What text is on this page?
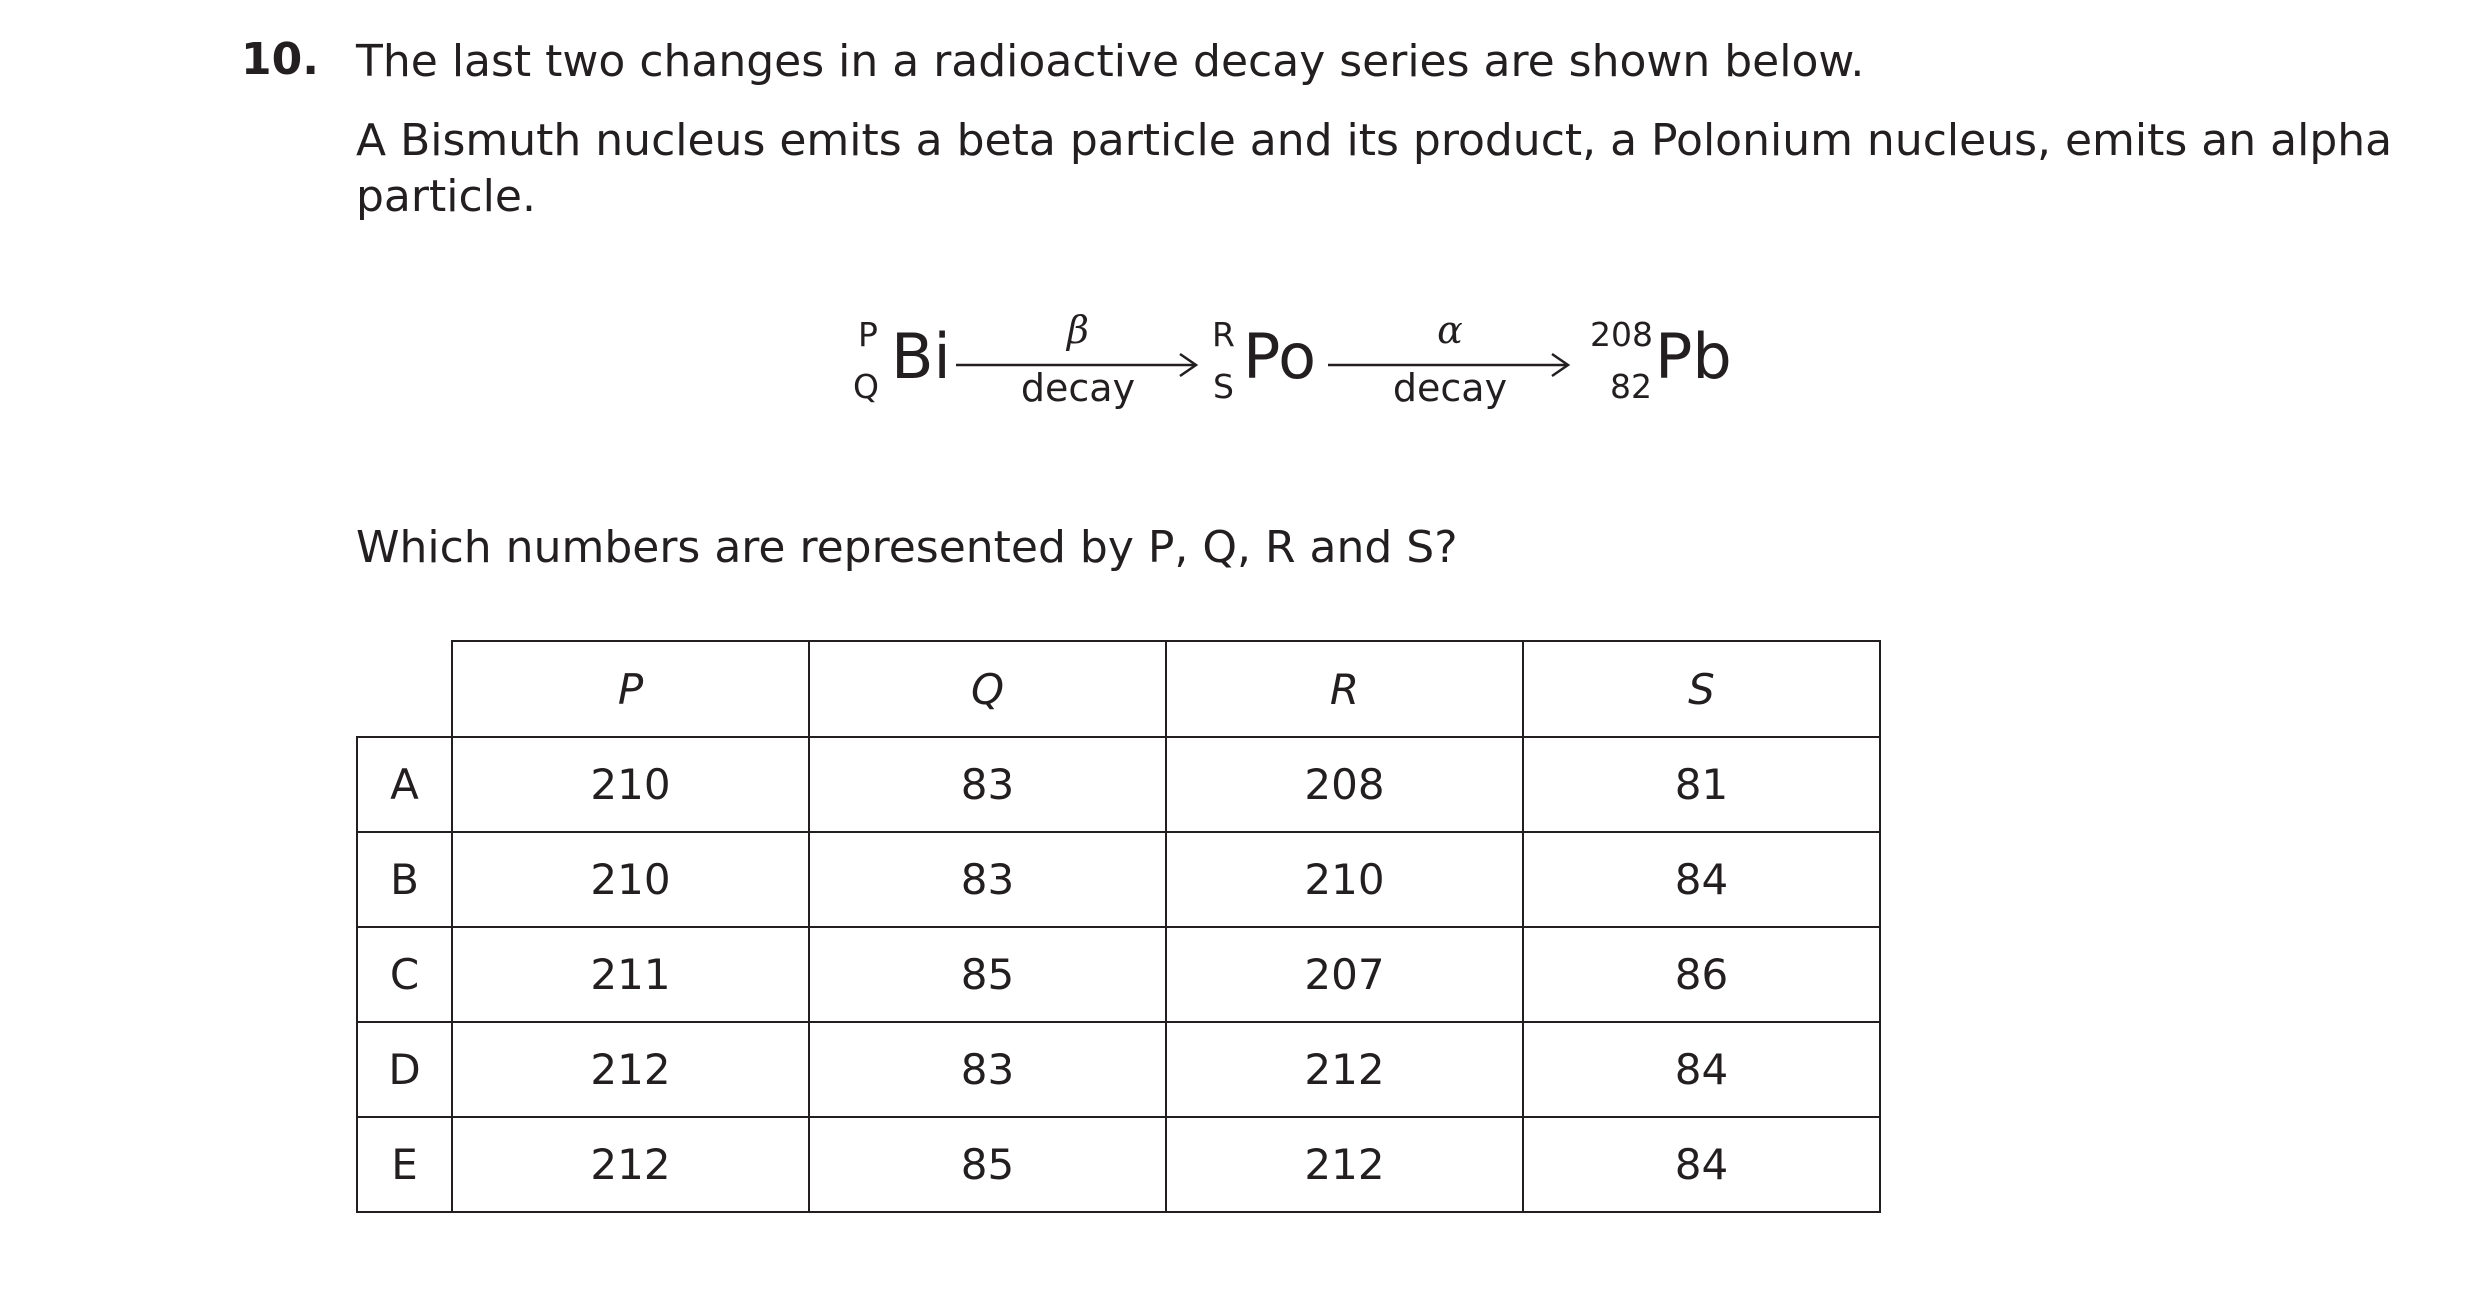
10. The last two changes in a radioactive decay series are shown below.
A Bismuth nucleus emits a beta particle and its product, a Polonium nucleus, emits an alpha
particle.
P
Q Bi	β
decay
R
S Po	α
decay
208
82 Pb
Which numbers are represented by P, Q, R and S?
	P	Q	R	S
A	210	83	208	81
B	210	83	210	84
C	211	85	207	86
D	212	83	212	84
E	212	85	212	84
